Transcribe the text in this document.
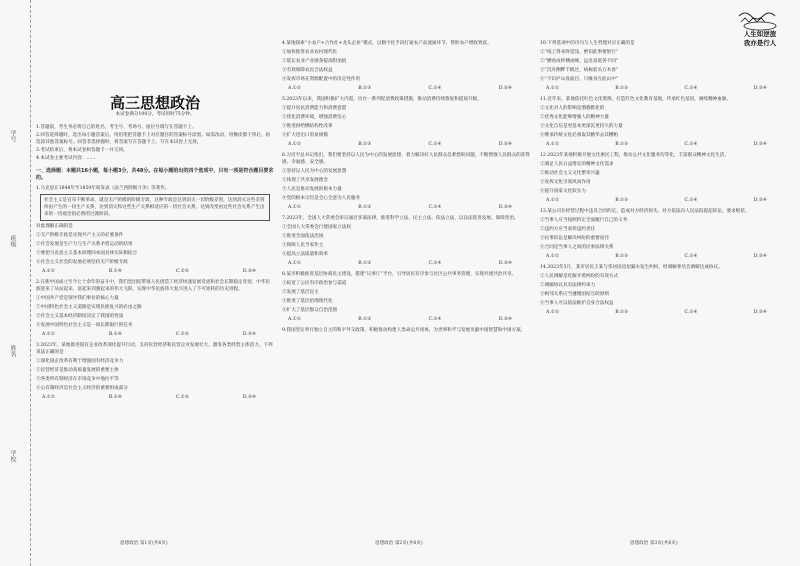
学号
班级
姓名
学校
高三思想政治
本试卷满分100分，考试用时75分钟。
1.答题前，考生务必将自己的姓名、考生号、考场号、座位号填写在答题卡上。
2.回答选择题时，选出每小题答案后，用铅笔把答题卡上对应题目的答案标号涂黑。如需改动，用橡皮擦干净后，再选涂其他答案标号。回答非选择题时，将答案写在答题卡上。写在本试卷上无效。
3.考试结束后，将本试卷和答题卡一并交回。
4.本试卷主要考试内容：……
一、选择题：本题共16小题，每小题3分，共48分。在每小题给出的四个选项中，只有一项是符合题目要求的。
1.马克思在1848年至1850年间发表《法兰西阶级斗争》等著作。
社会主义是宣布不断革命，就是无产阶级的阶级专政，这种专政是达到消灭一切阶级差别，达到消灭这些差别所由产生的一切生产关系，达到消灭和这些生产关系相适应的一切社会关系，达到改变由这些社会关系产生出来的一切观念的必然的过渡阶段。
对此理解正确的是
①无产阶级专政是实现共产主义的必要条件
②社会发展是生产力与生产关系矛盾运动的结果
③要把马克思主义基本原理同本国具体实际相结合
④社会主义社会的发展必须坚持无产阶级专政
A.①②	B.①④	C.②③	D.③④
2.在新中国成立至今七十余年的奋斗中，我们党团结带领人民创造了经济快速发展奇迹和社会长期稳定奇迹，中华民族迎来了从站起来、富起来到强起来的伟大飞跃，实现中华民族伟大复兴进入了不可逆转的历史进程。
①中国共产党是领导我们事业的核心力量
②中国特色社会主义道路是实现民族复兴的必由之路
③社会主义基本经济制度决定了我国的性质
④发展中国特色社会主义是一项长期艰巨的任务
A.①②	B.①④	C.②③	D.③④
3.2023年，某地推进国有企业改革深化提升行动，支持民营经济和民营企业发展壮大，激发各类经营主体活力。下列说法正确的是
①深化国企改革有利于增强国有经济竞争力
②民营经济是推动高质量发展的重要主体
③各类所有制经济在市场竞争中地位平等
④公有制经济是社会主义经济的重要组成部分
A.①②	B.①④	C.②③	D.③④
思想政治 第1页(共6页)
4.某地探索“小农户+合作社+龙头企业”模式，以数字化手段打通农产品流通环节，帮助农户增收致富。
①加快推进农业农村现代化
②延长农业产业链条提高附加值
③有效保障农民合法权益
④发挥市场在资源配置中的决定性作用
A.①②	B.①③	C.②④	D.③④
5.2023年以来，我国积极扩大内需，出台一系列促消费政策措施，推动消费持续恢复和提质升级。
①提升居民消费能力和消费意愿
②优化消费环境，增强消费信心
③推进供给侧结构性改革
④扩大进出口贸易规模
A.①②	B.①③	C.②④	D.③④
6.习近平总书记指出，我们要坚持以人民为中心的发展思想，着力解决好人民群众急难愁盼问题，不断增强人民群众的获得感、幸福感、安全感。
①坚持以人民为中心的发展思想
②体现了共享发展理念
③人民是推动发展的根本力量
④党的根本宗旨是全心全意为人民服务
A.①②	B.①③	C.②④	D.③④
7.2023年，全国人大常委会审议通过多部法律，推进科学立法、民主立法、依法立法，以良法促进发展、保障善治。
①全国人大常委会行使国家立法权
②推进全面依法治国
③保障人民当家作主
④提高立法质量和效率
A.①②	B.①③	C.②④	D.③④
8.某市积极推进基层协商民主建设，搭建“议事厅”平台，引导居民有序参与社区公共事务管理，实现共建共治共享。
①拓宽了公民有序政治参与渠道
②发展了基层民主
③推进了基层治理现代化
④扩大了基层群众自治范围
A.①②	B.①③	C.②④	D.③④
9.我国坚定奉行独立自主的和平外交政策，积极推动构建人类命运共同体，为世界和平与发展贡献中国智慧和中国方案。
思想政治 第2页(共6页)
人生如逆旅
我亦是行人
10.下列选项中的诗句与人生哲理对应正确的是
①“纸上得来终觉浅，绝知此事要躬行”
②“横看成岭侧成峰，远近高低各不同”
③“沉舟侧畔千帆过，病树前头万木春”
④“不识庐山真面目，只缘身在此山中”
A.①②	B.①③	C.②④	D.③④
11.近年来，某地依托红色文化资源，打造红色文化教育基地，传承红色基因，赓续精神血脉。
①文化对人的影响是潜移默化的
②优秀文化能够增强人的精神力量
③文化自信是更基本更深沉更持久的力量
④继承传统文化必须取其精华去其糟粕
A.①②	B.①③	C.②④	D.③④
12.2023年某地积极开展文化惠民工程，推动公共文化服务均等化，丰富群众精神文化生活。
①满足人民日益增长的精神文化需求
②推动社会主义文化繁荣兴盛
③发挥文化引领风尚作用
④提升国家文化软实力
A.①②	B.①③	C.②④	D.③④
13.某公司在经营过程中违反合同约定，造成对方经济损失，对方依法向人民法院提起诉讼，要求赔偿。
①当事人应当按照约定全面履行自己的义务
②违约方应当承担违约责任
③民事诉讼是解决纠纷的重要途径
④合同是当事人之间的民事法律关系
A.①②	B.①③	C.②④	D.③④
14.2023年3月，某市居民王某与邻居因房屋漏水发生纠纷，经调解委员会调解达成协议。
①人民调解是化解矛盾纠纷的有效方式
②调解协议具有法律约束力
③相邻关系应当遵循团结互助原则
④当事人可以依法维护自身合法权益
A.①②	B.①③	C.②④	D.③④
思想政治 第3页(共6页)
